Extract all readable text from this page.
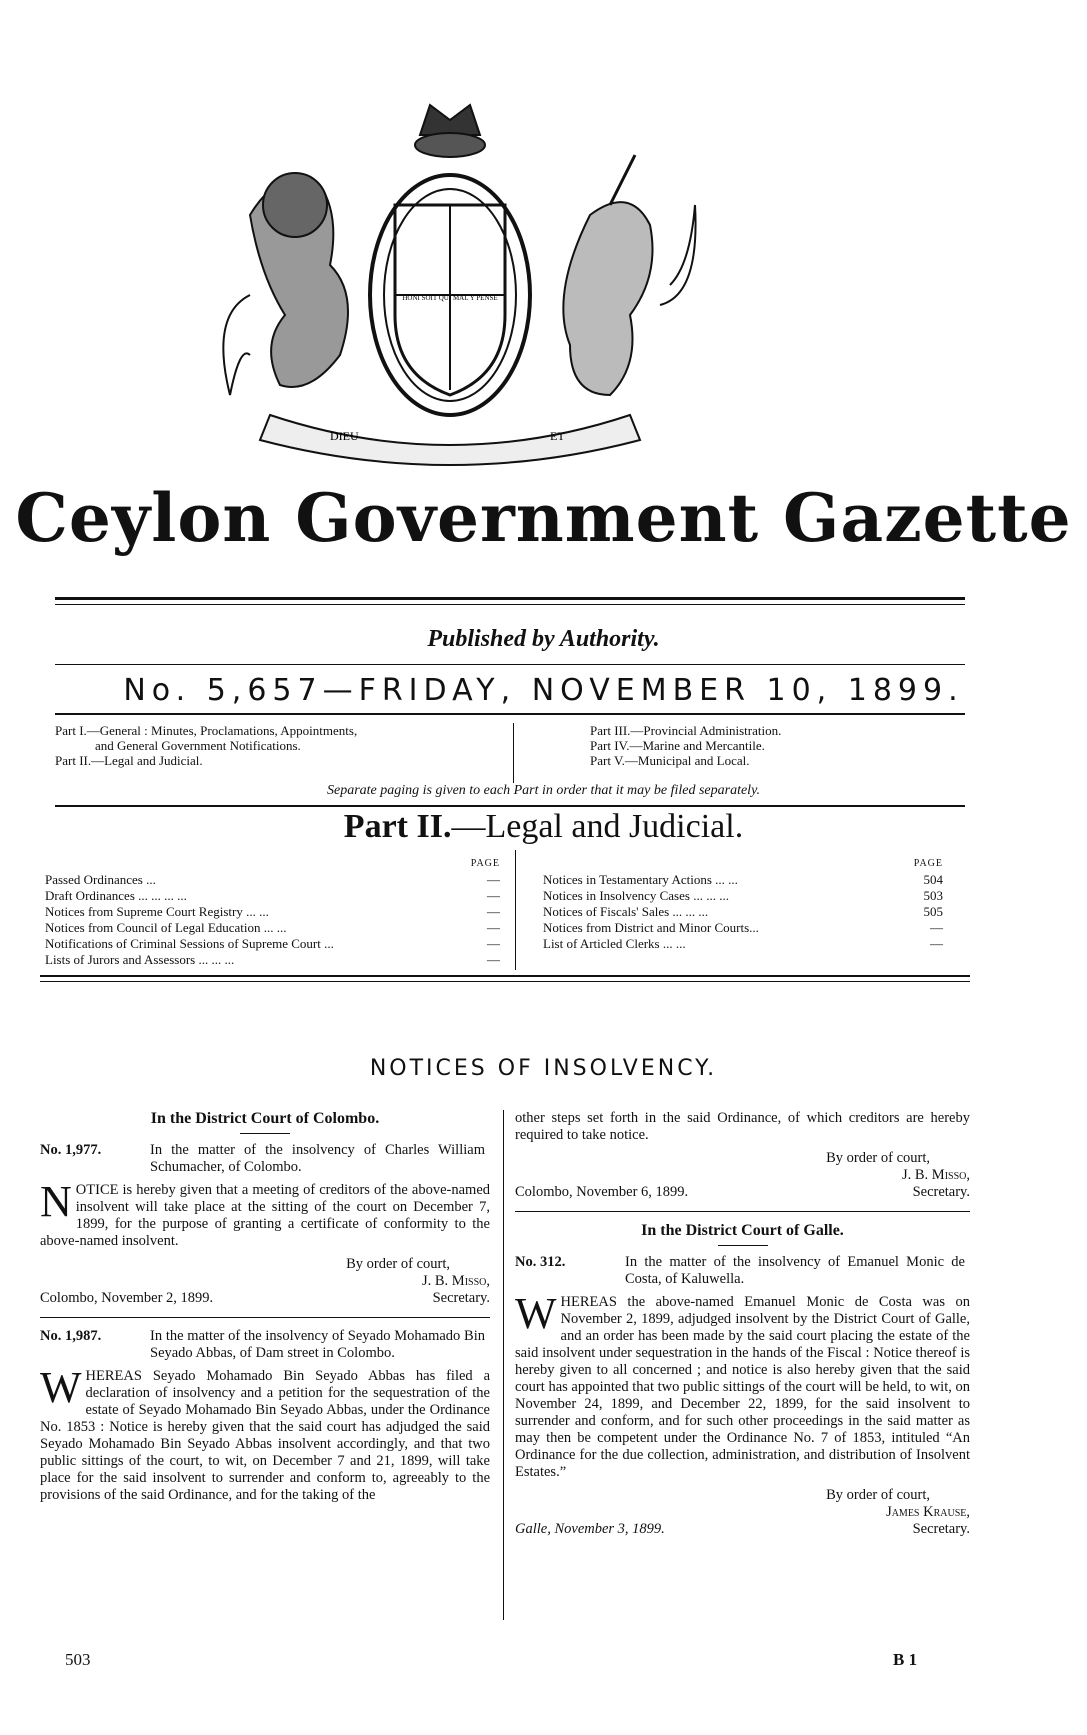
DIEU	ET
HONI SOIT QUI MAL Y PENSE
Ceylon Government Gazette
Published by Authority.
No. 5,657—FRIDAY, NOVEMBER 10, 1899.
Part I.—General : Minutes, Proclamations, Appointments,
and General Government Notifications.
Part II.—Legal and Judicial.
Part III.—Provincial Administration.
Part IV.—Marine and Mercantile.
Part V.—Municipal and Local.
Separate paging is given to each Part in order that it may be filed separately.
Part II.—Legal and Judicial.
PAGE
Passed Ordinances ...	—
Draft Ordinances ... ... ... ...	—
Notices from Supreme Court Registry ... ...	—
Notices from Council of Legal Education ... ...	—
Notifications of Criminal Sessions of Supreme Court ...	—
Lists of Jurors and Assessors ... ... ...	—
PAGE
Notices in Testamentary Actions ... ...	504
Notices in Insolvency Cases ... ... ...	503
Notices of Fiscals' Sales ... ... ...	505
Notices from District and Minor Courts...	—
List of Articled Clerks ... ...	—
NOTICES OF INSOLVENCY.
In the District Court of Colombo.
No. 1,977.	In the matter of the insolvency of Charles William Schumacher, of Colombo.

NOTICE is hereby given that a meeting of creditors of the above-named insolvent will take place at the sitting of the court on December 7, 1899, for the purpose of granting a certificate of conformity to the above-named insolvent.

By order of court,
Colombo, November 2, 1899.
J. B. Misso,
Secretary.
No. 1,987.	In the matter of the insolvency of Seyado Mohamado Bin Seyado Abbas, of Dam street in Colombo.

WHEREAS Seyado Mohamado Bin Seyado Abbas has filed a declaration of insolvency and a petition for the sequestration of the estate of Seyado Mohamado Bin Seyado Abbas, under the Ordinance No. 1853 : Notice is hereby given that the said court has adjudged the said Seyado Mohamado Bin Seyado Abbas insolvent accordingly, and that two public sittings of the court, to wit, on December 7 and 21, 1899, will take place for the said insolvent to surrender and conform to, agreeably to the provisions of the said Ordinance, and for the taking of the

other steps set forth in the said Ordinance, of which creditors are hereby required to take notice.

By order of court,
Colombo, November 6, 1899.
J. B. Misso,
Secretary.
In the District Court of Galle.
No. 312.	In the matter of the insolvency of Emanuel Monic de Costa, of Kaluwella.

WHEREAS the above-named Emanuel Monic de Costa was on November 2, 1899, adjudged insolvent by the District Court of Galle, and an order has been made by the said court placing the estate of the said insolvent under sequestration in the hands of the Fiscal : Notice thereof is hereby given to all concerned ; and notice is also hereby given that the said court has appointed that two public sittings of the court will be held, to wit, on November 24, 1899, and December 22, 1899, for the said insolvent to surrender and conform, and for such other proceedings in the said matter as may then be competent under the Ordinance No. 7 of 1853, intituled “An Ordinance for the due collection, administration, and distribution of Insolvent Estates.”

By order of court,
Galle, November 3, 1899.
James Krause,
Secretary.
503	B 1
